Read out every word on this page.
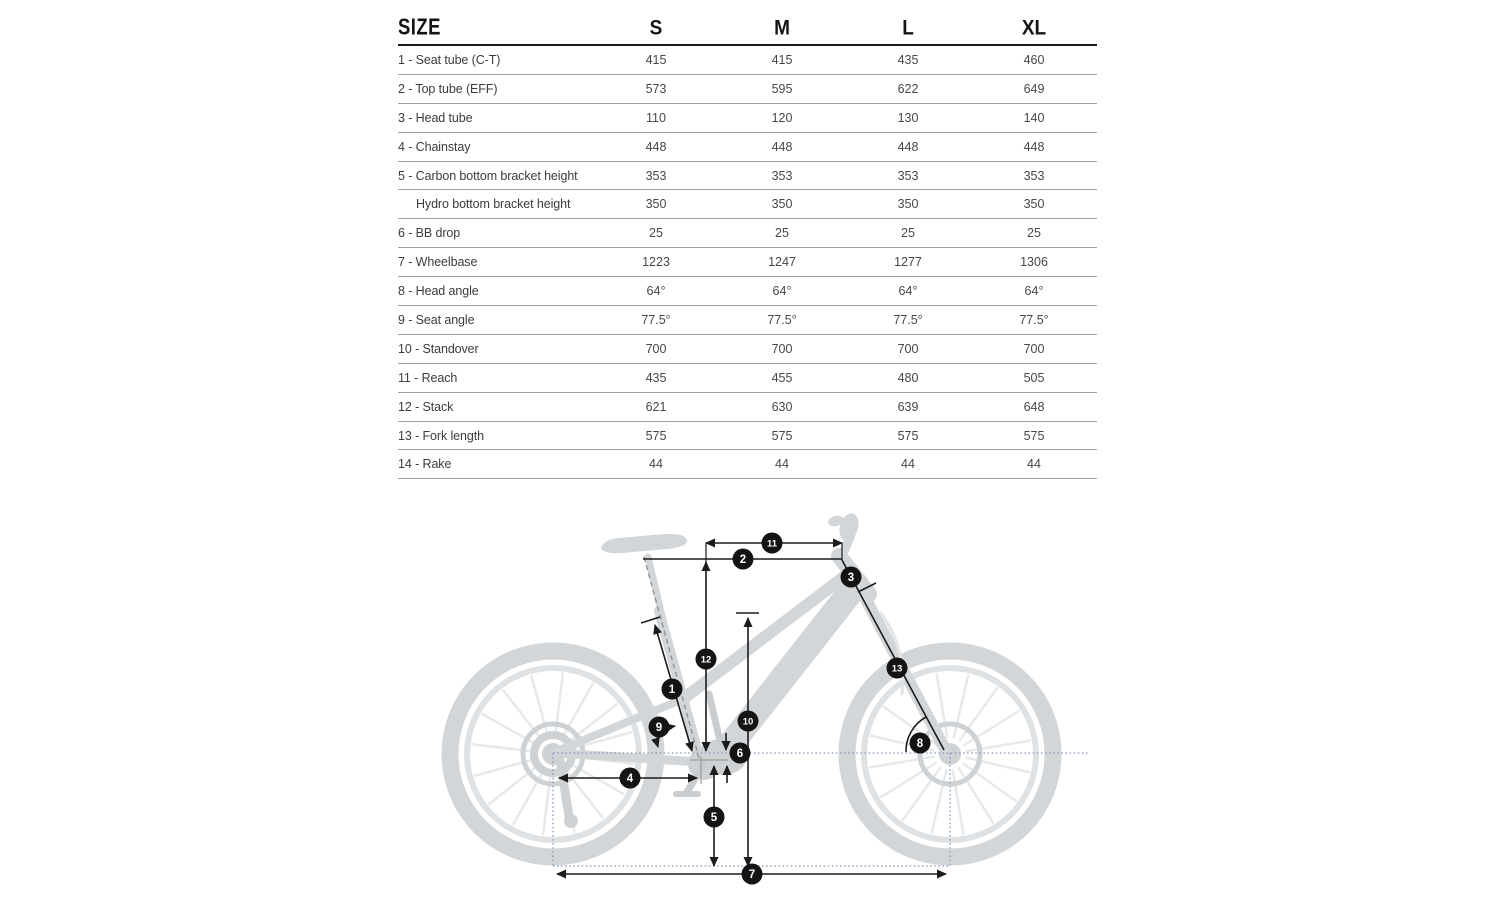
1
2
3
4
5
6
7
8
9
10
11
12
13
SIZE	S	M	L	XL
1 - Seat tube (C-T)	415	415	435	460
2 - Top tube (EFF)	573	595	622	649
3 - Head tube	110	120	130	140
4 - Chainstay	448	448	448	448
5 - Carbon bottom bracket height	353	353	353	353
Hydro bottom bracket height	350	350	350	350
6 - BB drop	25	25	25	25
7 - Wheelbase	1223	1247	1277	1306
8 - Head angle	64°	64°	64°	64°
9 - Seat angle	77.5°	77.5°	77.5°	77.5°
10 - Standover	700	700	700	700
11 - Reach	435	455	480	505
12 - Stack	621	630	639	648
13 - Fork length	575	575	575	575
14 - Rake	44	44	44	44
